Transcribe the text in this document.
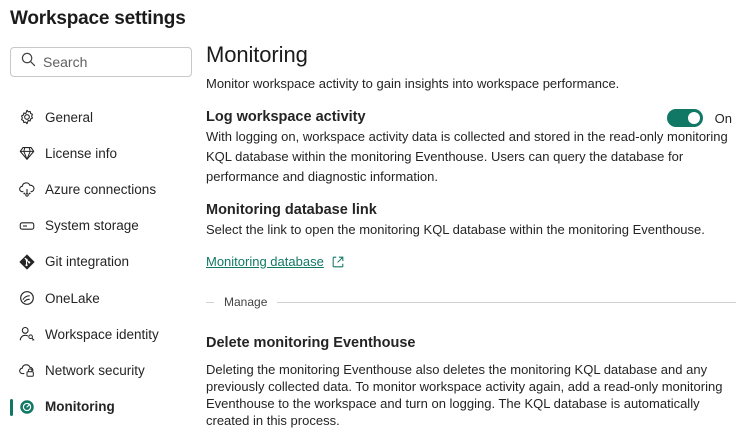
Workspace settings
Search
General
License info
Azure connections
System storage
Git integration
OneLake
Workspace identity
Network security
Monitoring
Monitoring
Monitor workspace activity to gain insights into workspace performance.
Log workspace activity	On
With logging on, workspace activity data is collected and stored in the read-only monitoring KQL database within the monitoring Eventhouse. Users can query the database for performance and diagnostic information.
Monitoring database link
Select the link to open the monitoring KQL database within the monitoring Eventhouse.
Monitoring database
Manage
Delete monitoring Eventhouse
Deleting the monitoring Eventhouse also deletes the monitoring KQL database and any previously collected data. To monitor workspace activity again, add a read-only monitoring Eventhouse to the workspace and turn on logging. The KQL database is automatically created in this process.
